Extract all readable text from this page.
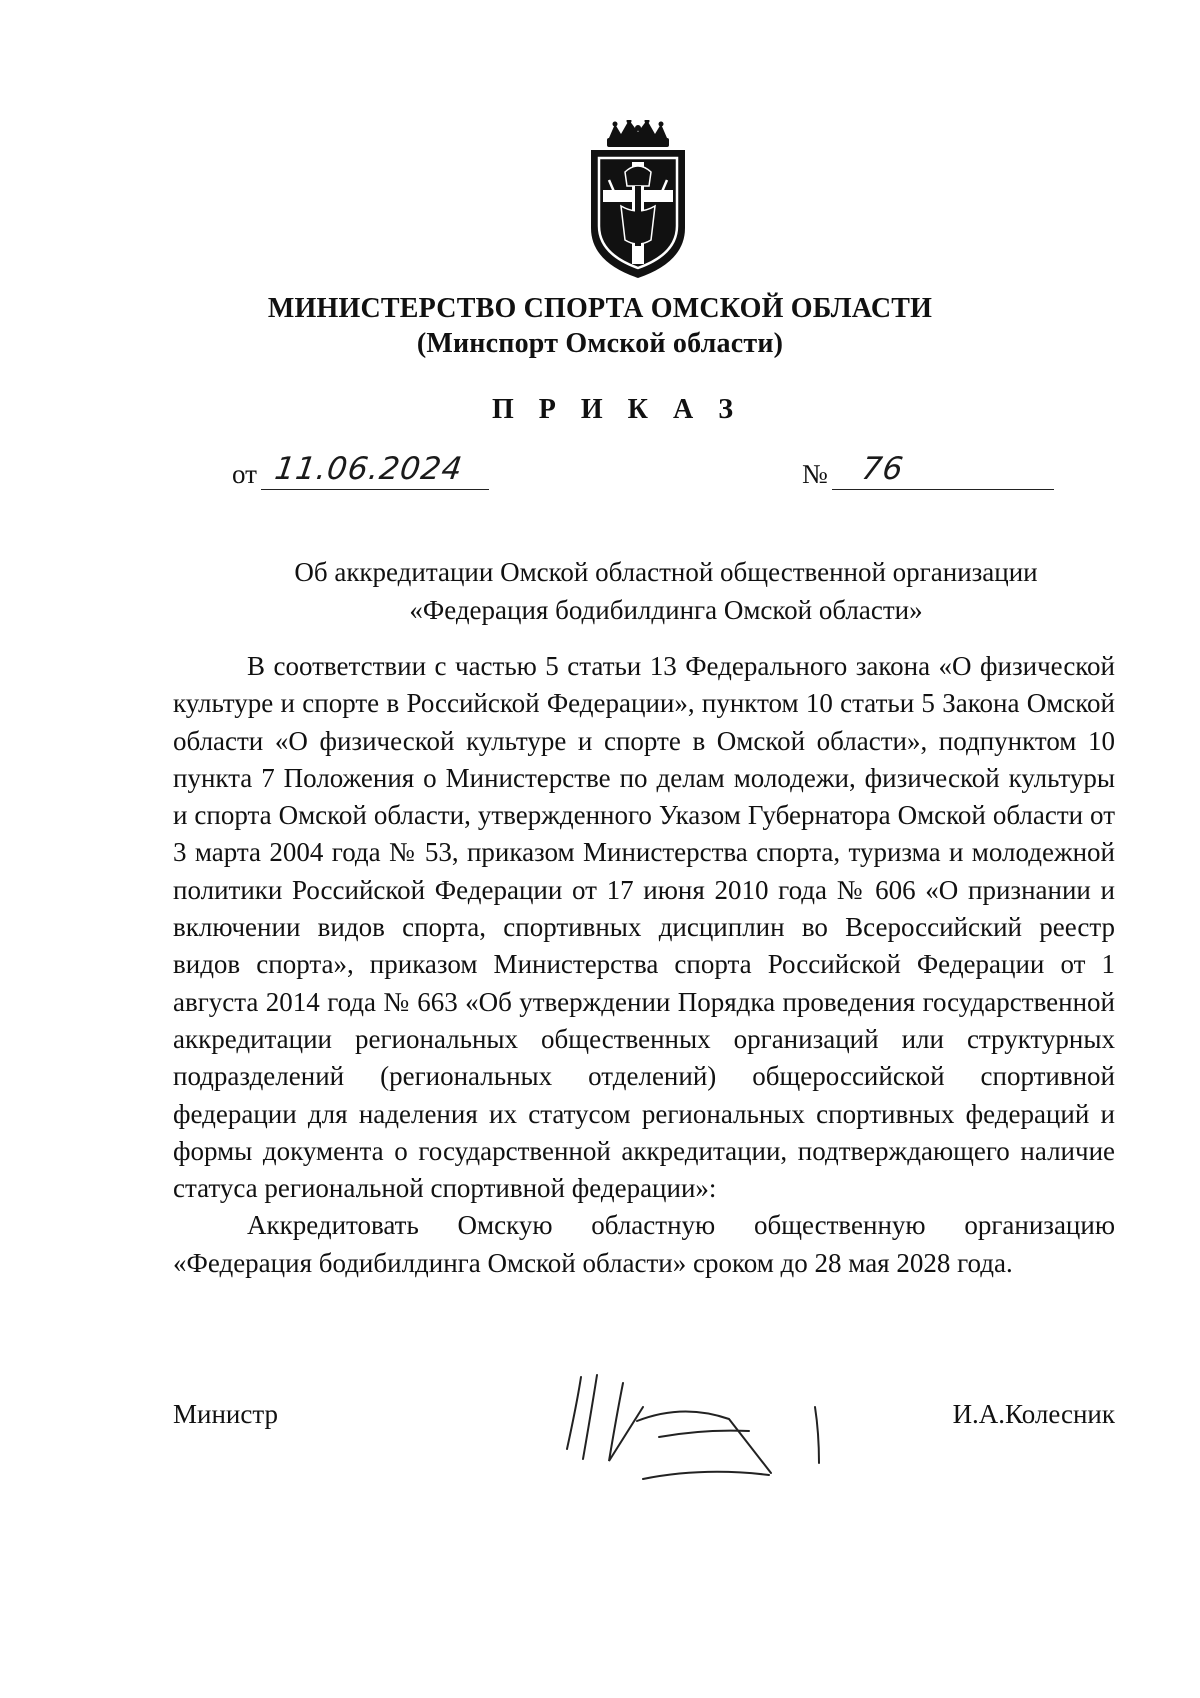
МИНИСТЕРСТВО СПОРТА ОМСКОЙ ОБЛАСТИ
(Минспорт Омской области)
П Р И К А З
от 11.06.2024	№ 76
Об аккредитации Омской областной общественной организации
«Федерация бодибилдинга Омской области»

В соответствии с частью 5 статьи 13 Федерального закона «О физической культуре и спорте в Российской Федерации», пунктом 10 статьи 5 Закона Омской области «О физической культуре и спорте в Омской области», подпунктом 10 пункта 7 Положения о Министерстве по делам молодежи, физической культуры и спорта Омской области, утвержденного Указом Губернатора Омской области от 3 марта 2004 года № 53, приказом Министерства спорта, туризма и молодежной политики Российской Федерации от 17 июня 2010 года № 606 «О признании и включении видов спорта, спортивных дисциплин во Всероссийский реестр видов спорта», приказом Министерства спорта Российской Федерации от 1 августа 2014 года № 663 «Об утверждении Порядка проведения государственной аккредитации региональных общественных организаций или структурных подразделений (региональных отделений) общероссийской спортивной федерации для наделения их статусом региональных спортивных федераций и формы документа о государственной аккредитации, подтверждающего наличие статуса региональной спортивной федерации»:

Аккредитовать Омскую областную общественную организацию «Федерация бодибилдинга Омской области» сроком до 28 мая 2028 года.

Министр	И.А.Колесник
